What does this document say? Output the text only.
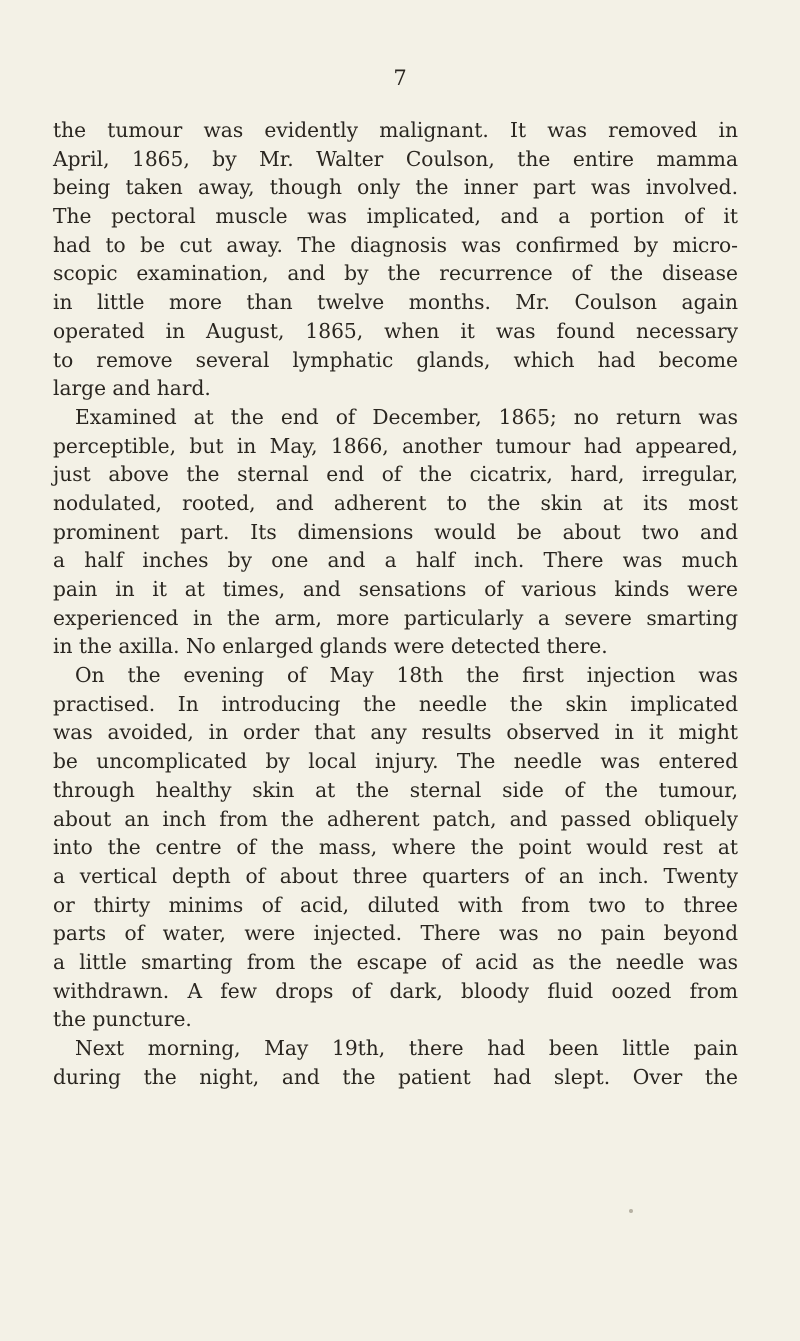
7
the tumour was evidently malignant. It was removed in
April, 1865, by Mr. Walter Coulson, the entire mamma
being taken away, though only the inner part was involved.
The pectoral muscle was implicated, and a portion of it
had to be cut away. The diagnosis was confirmed by micro-
scopic examination, and by the recurrence of the disease
in little more than twelve months. Mr. Coulson again
operated in August, 1865, when it was found necessary
to remove several lymphatic glands, which had become
large and hard.
Examined at the end of December, 1865; no return was
perceptible, but in May, 1866, another tumour had appeared,
just above the sternal end of the cicatrix, hard, irregular,
nodulated, rooted, and adherent to the skin at its most
prominent part. Its dimensions would be about two and
a half inches by one and a half inch. There was much
pain in it at times, and sensations of various kinds were
experienced in the arm, more particularly a severe smarting
in the axilla. No enlarged glands were detected there.
On the evening of May 18th the first injection was
practised. In introducing the needle the skin implicated
was avoided, in order that any results observed in it might
be uncomplicated by local injury. The needle was entered
through healthy skin at the sternal side of the tumour,
about an inch from the adherent patch, and passed obliquely
into the centre of the mass, where the point would rest at
a vertical depth of about three quarters of an inch. Twenty
or thirty minims of acid, diluted with from two to three
parts of water, were injected. There was no pain beyond
a little smarting from the escape of acid as the needle was
withdrawn. A few drops of dark, bloody fluid oozed from
the puncture.
Next morning, May 19th, there had been little pain
during the night, and the patient had slept. Over the
